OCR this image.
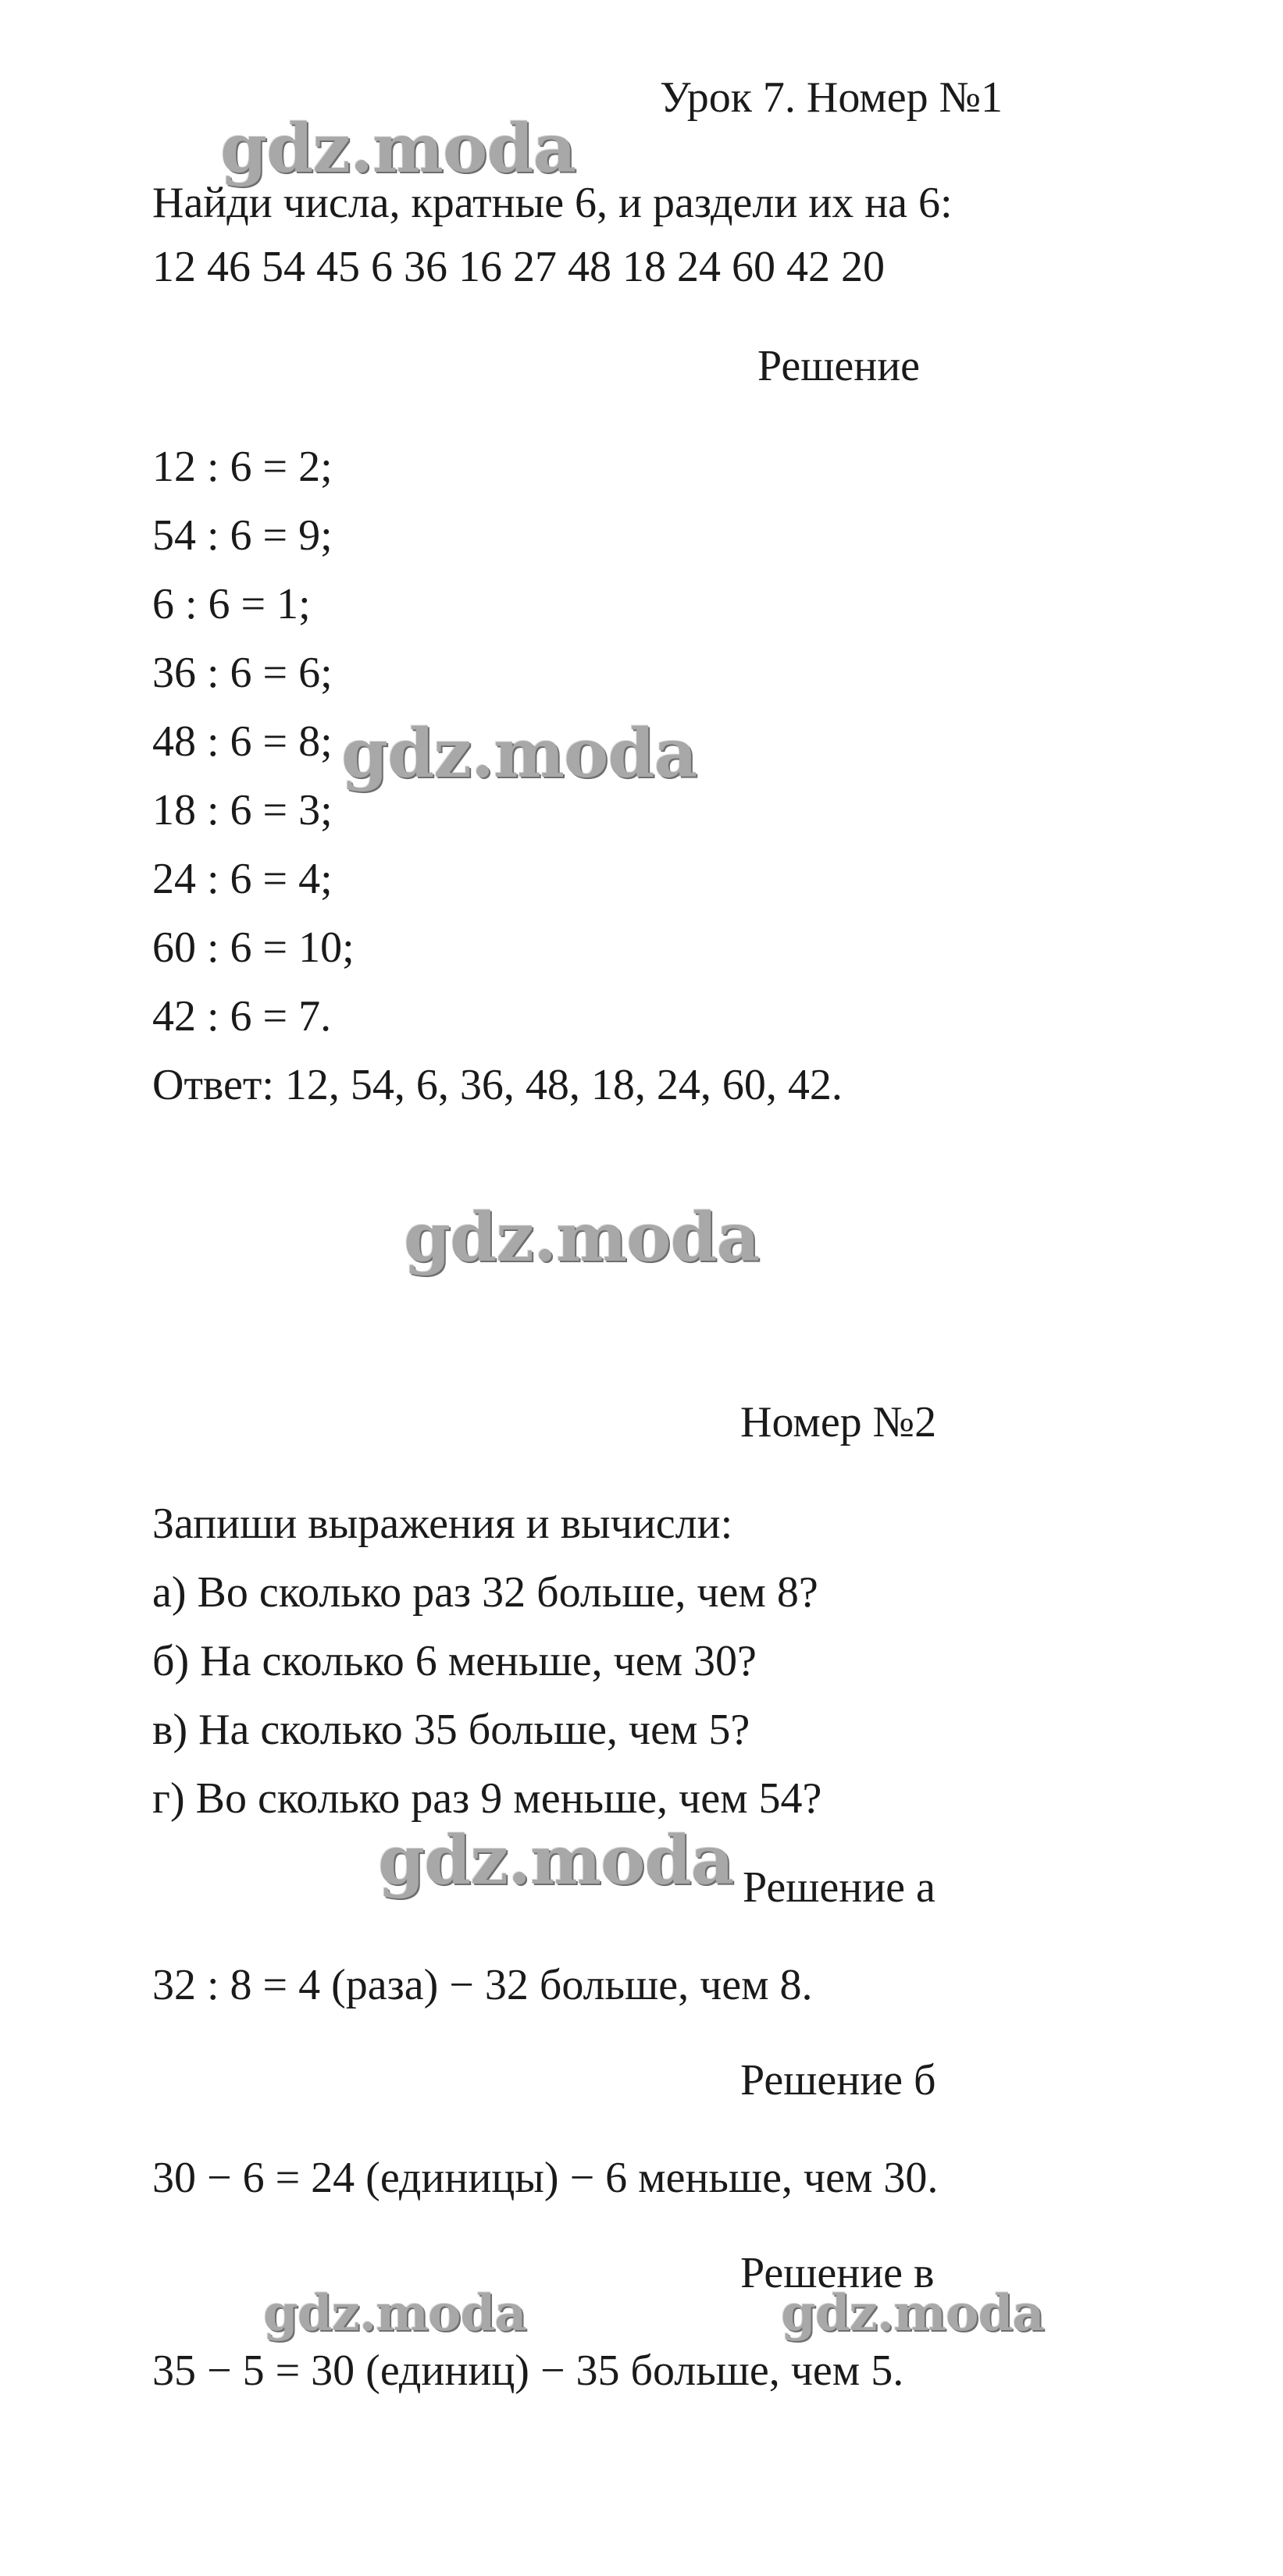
Урок 7. Номер №1
Найди числа, кратные 6, и раздели их на 6:
12 46 54 45 6 36 16 27 48 18 24 60 42 20
Решение
12 : 6 = 2;
54 : 6 = 9;
6 : 6 = 1;
36 : 6 = 6;
48 : 6 = 8;
18 : 6 = 3;
24 : 6 = 4;
60 : 6 = 10;
42 : 6 = 7.
Ответ: 12, 54, 6, 36, 48, 18, 24, 60, 42.
Номер №2
Запиши выражения и вычисли:
а) Во сколько раз 32 больше, чем 8?
б) На сколько 6 меньше, чем 30?
в) На сколько 35 больше, чем 5?
г) Во сколько раз 9 меньше, чем 54?
Решение а
32 : 8 = 4 (раза) − 32 больше, чем 8.
Решение б
30 − 6 = 24 (единицы) − 6 меньше, чем 30.
Решение в
35 − 5 = 30 (единиц) − 35 больше, чем 5.
gdz.moda
gdz.moda
gdz.moda
gdz.moda
gdz.moda	gdz.moda
